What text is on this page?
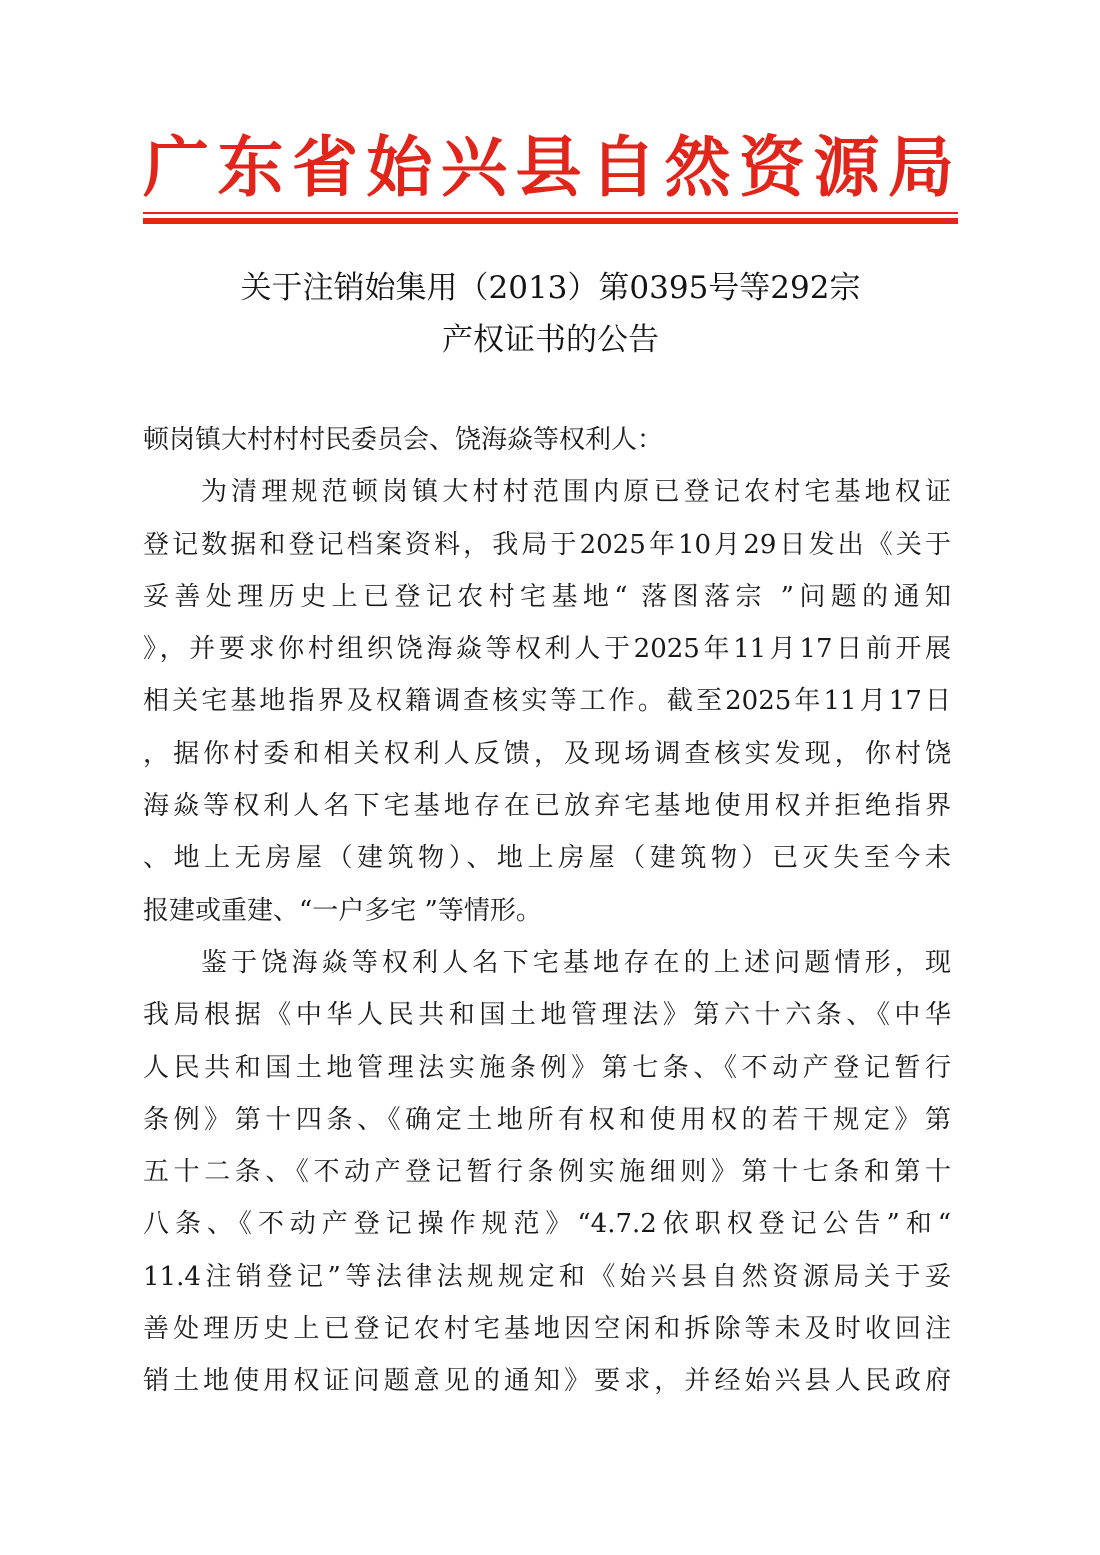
广东省始兴县自然资源局
关于注销始集用（2013）第0395号等292宗
产权证书的公告
顿岗镇大村村村民委员会、饶海焱等权利人：
为清理规范顿岗镇大村村范围内原已登记农村宅基地权证
登记数据和登记档案资料，我局于2025年10月29日发出《关于
妥善处理历史上已登记农村宅基地“ 落图落宗 ”问题的通知
》，并要求你村组织饶海焱等权利人于2025年11月17日前开展
相关宅基地指界及权籍调查核实等工作。截至2025年11月17日
，据你村委和相关权利人反馈，及现场调查核实发现，你村饶
海焱等权利人名下宅基地存在已放弃宅基地使用权并拒绝指界
、地上无房屋（建筑物）、地上房屋（建筑物）已灭失至今未
报建或重建、“一户多宅 ”等情形。
鉴于饶海焱等权利人名下宅基地存在的上述问题情形，现
我局根据《中华人民共和国土地管理法》第六十六条、《中华
人民共和国土地管理法实施条例》第七条、《不动产登记暂行
条例》第十四条、《确定土地所有权和使用权的若干规定》第
五十二条、《不动产登记暂行条例实施细则》第十七条和第十
八条、《不动产登记操作规范》“4.7.2依职权登记公告”和“
11.4注销登记”等法律法规规定和《始兴县自然资源局关于妥
善处理历史上已登记农村宅基地因空闲和拆除等未及时收回注
销土地使用权证问题意见的通知》要求，并经始兴县人民政府
